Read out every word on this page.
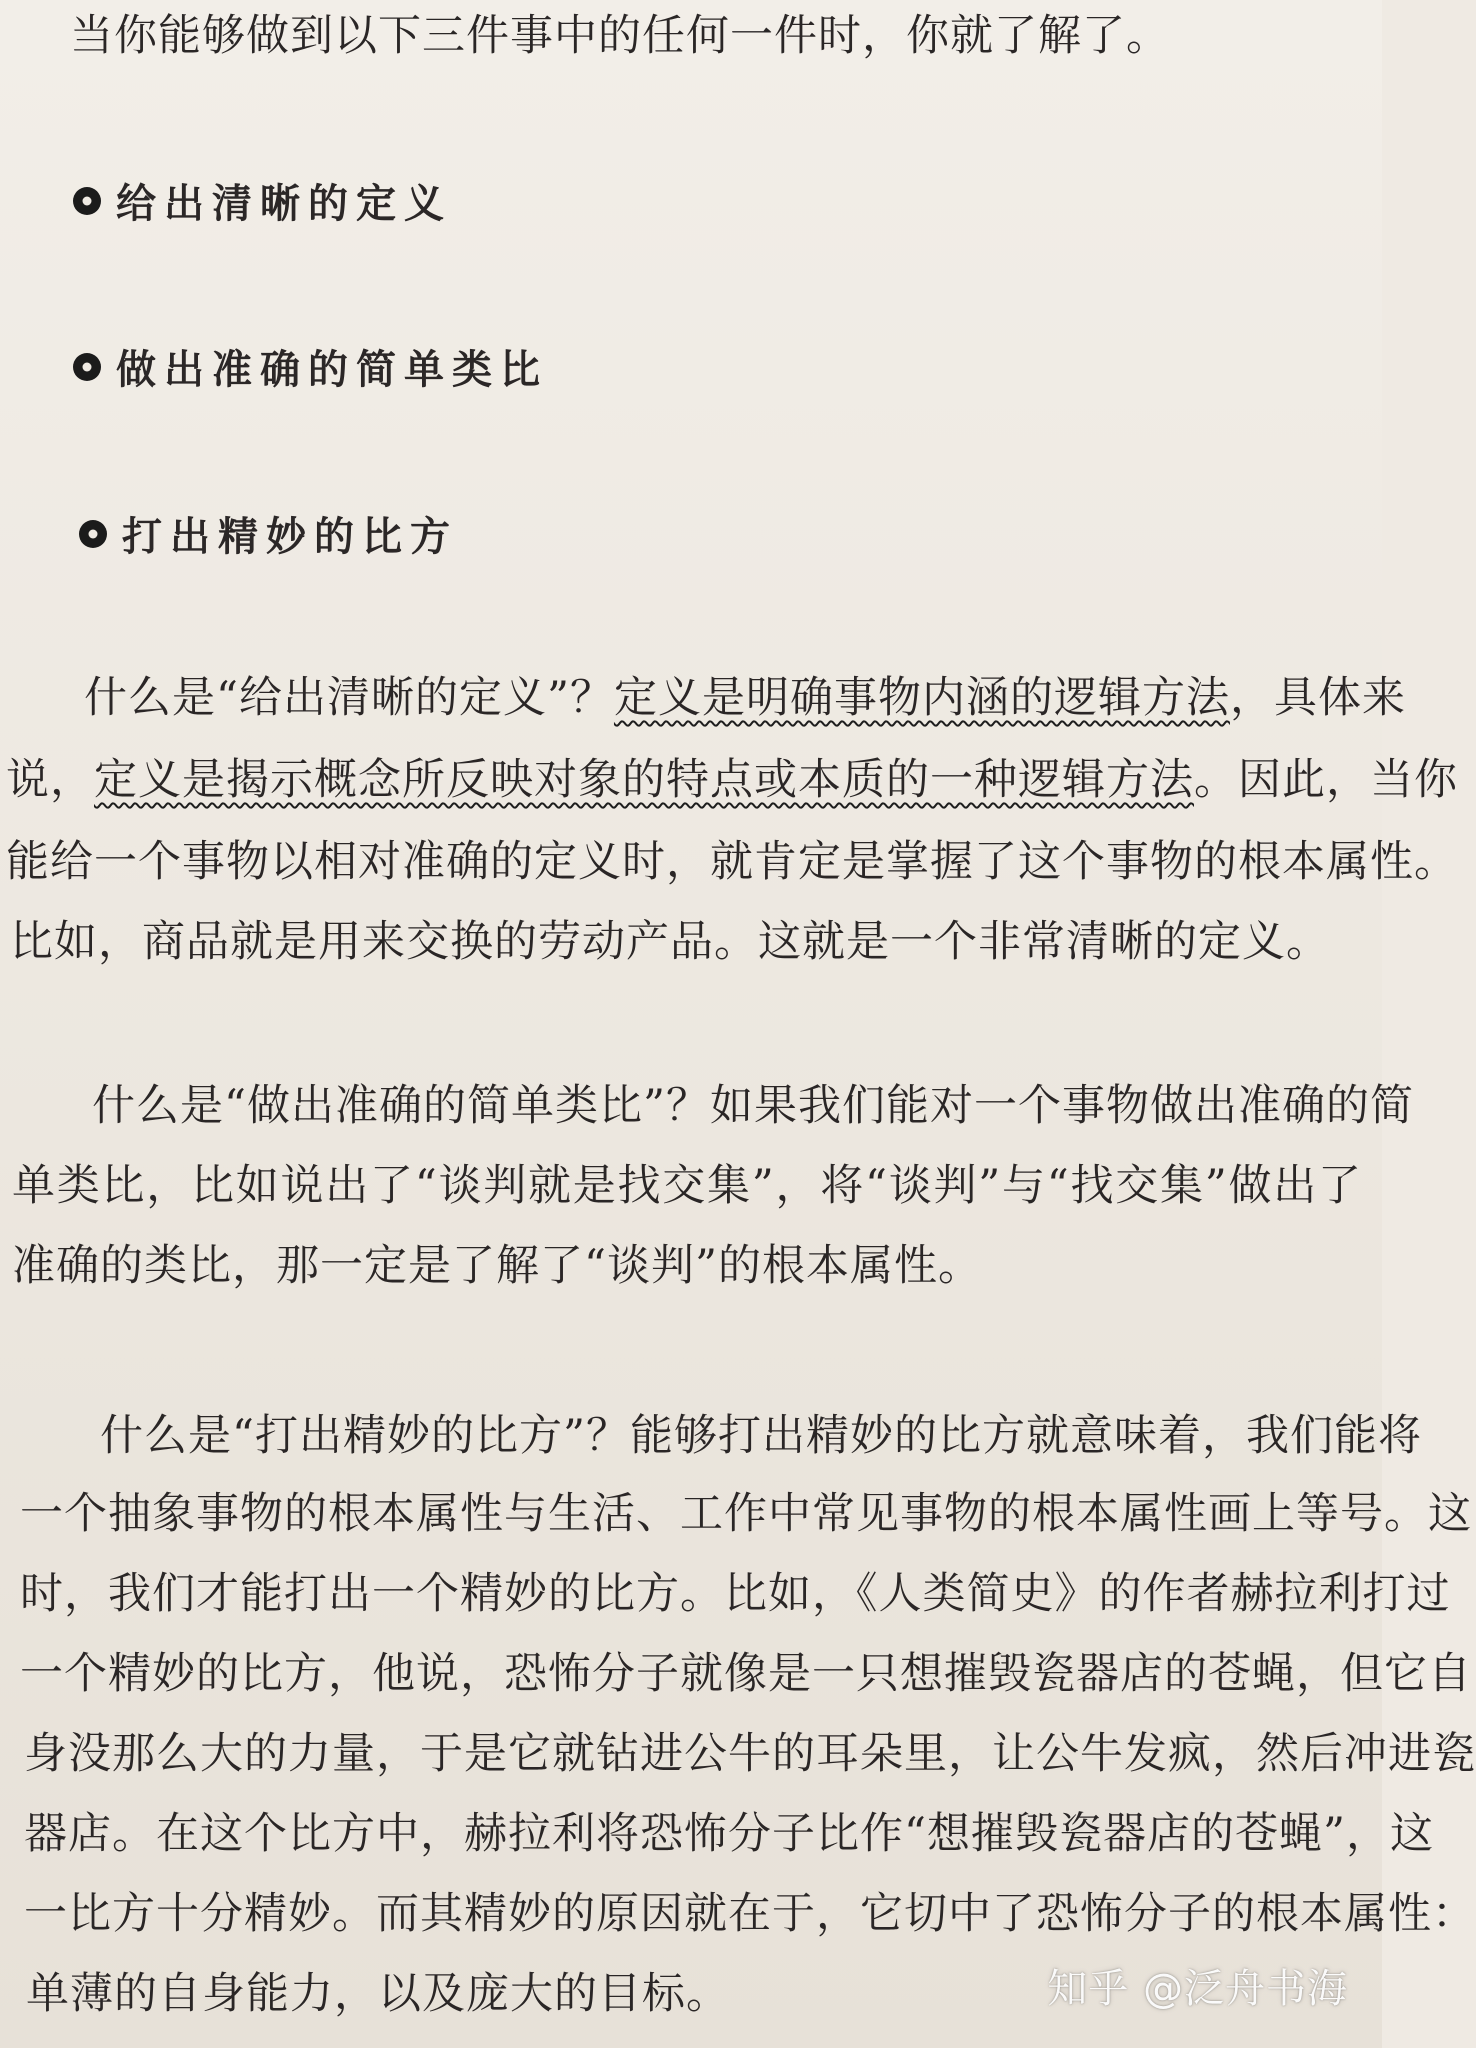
当你能够做到以下三件事中的任何一件时，你就了解了。
给出清晰的定义
做出准确的简单类比
打出精妙的比方
什么是“给出清晰的定义”？定义是明确事物内涵的逻辑方法，具体来
说，定义是揭示概念所反映对象的特点或本质的一种逻辑方法。因此，当你
能给一个事物以相对准确的定义时，就肯定是掌握了这个事物的根本属性。
比如，商品就是用来交换的劳动产品。这就是一个非常清晰的定义。
什么是“做出准确的简单类比”？如果我们能对一个事物做出准确的简
单类比，比如说出了“谈判就是找交集”，将“谈判”与“找交集”做出了
准确的类比，那一定是了解了“谈判”的根本属性。
什么是“打出精妙的比方”？能够打出精妙的比方就意味着，我们能将
一个抽象事物的根本属性与生活、工作中常见事物的根本属性画上等号。这
时，我们才能打出一个精妙的比方。比如，《人类简史》的作者赫拉利打过
一个精妙的比方，他说，恐怖分子就像是一只想摧毁瓷器店的苍蝇，但它自
身没那么大的力量，于是它就钻进公牛的耳朵里，让公牛发疯，然后冲进瓷
器店。在这个比方中，赫拉利将恐怖分子比作“想摧毁瓷器店的苍蝇”，这
一比方十分精妙。而其精妙的原因就在于，它切中了恐怖分子的根本属性：
单薄的自身能力，以及庞大的目标。	知乎 @泛舟书海
